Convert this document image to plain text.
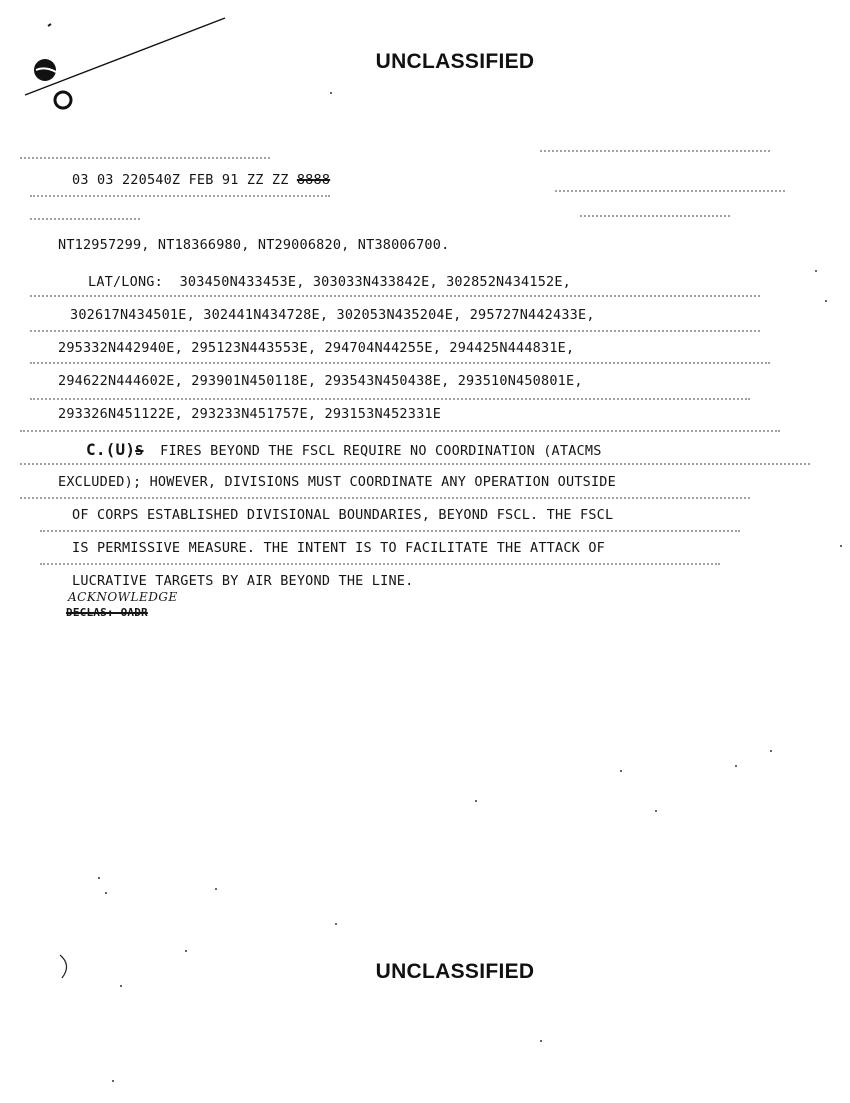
UNCLASSIFIED
03 03 220540Z FEB 91 ZZ ZZ 8888
NT12957299, NT18366980, NT29006820, NT38006700.
LAT/LONG: 303450N433453E, 303033N433842E, 302852N434152E,
302617N434501E, 302441N434728E, 302053N435204E, 295727N442433E,
295332N442940E, 295123N443553E, 294704N44255E, 294425N444831E,
294622N444602E, 293901N450118E, 293543N450438E, 293510N450801E,
293326N451122E, 293233N451757E, 293153N452331E
C.(U)S FIRES BEYOND THE FSCL REQUIRE NO COORDINATION (ATACMS
EXCLUDED); HOWEVER, DIVISIONS MUST COORDINATE ANY OPERATION OUTSIDE
OF CORPS ESTABLISHED DIVISIONAL BOUNDARIES, BEYOND FSCL. THE FSCL
IS PERMISSIVE MEASURE. THE INTENT IS TO FACILITATE THE ATTACK OF
LUCRATIVE TARGETS BY AIR BEYOND THE LINE.
ACKNOWLEDGE
DECLAS: OADR
UNCLASSIFIED
